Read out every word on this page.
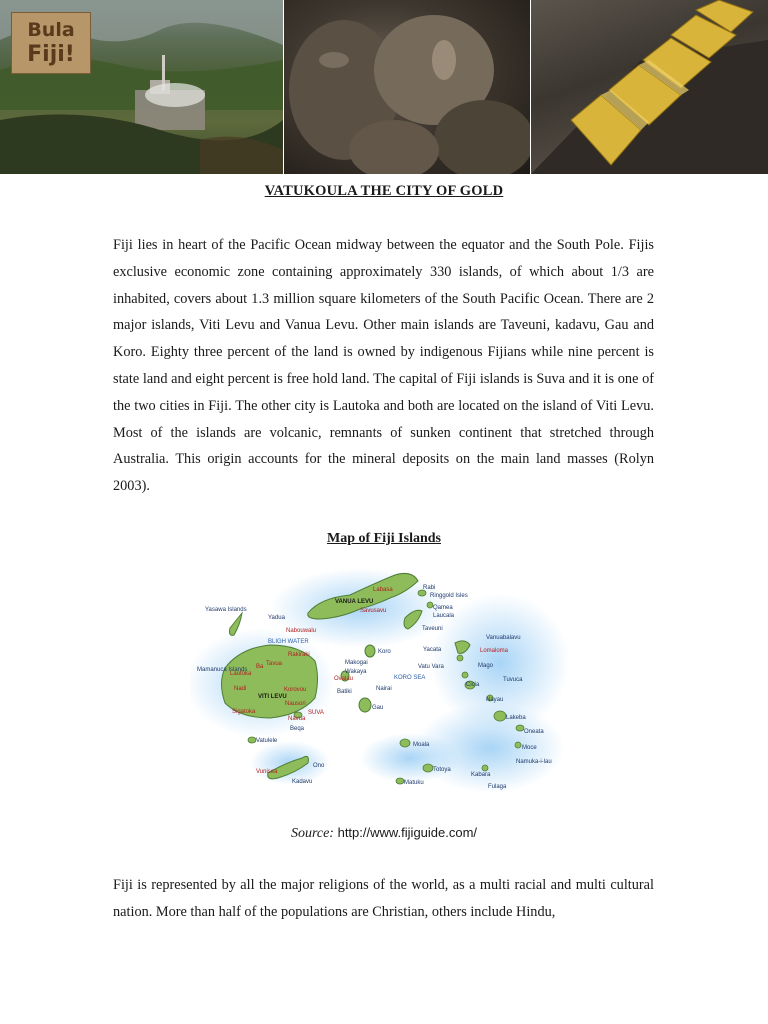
Bula
Fiji!
VATUKOULA THE CITY OF GOLD

Fiji lies in heart of the Pacific Ocean midway between the equator and the South Pole. Fijis exclusive economic zone containing approximately 330 islands, of which about 1/3 are inhabited, covers about 1.3 million square kilometers of the South Pacific Ocean. There are 2 major islands, Viti Levu and Vanua Levu. Other main islands are Taveuni, kadavu, Gau and Koro. Eighty three percent of the land is owned by indigenous Fijians while nine percent is state land and eight percent is free hold land. The capital of Fiji islands is Suva and it is one of the two cities in Fiji. The other city is Lautoka and both are located on the island of Viti Levu. Most of the islands are volcanic, remnants of sunken continent that stretched through Australia. This origin accounts for the mineral deposits on the main land masses (Rolyn 2003).

Map of Fiji Islands
VANUA LEVU
VITI LEVU
Labasa
Savusavu
Rabi
Ringgold Isles
Qamea
Laucala
Taveuni
Yasawa Islands
Yadua
Nabouwalu
BLIGH WATER
Rakiraki
Tavua
Ba
Lautoka
Mamanuca Islands
Nadi	Korovou
Sigatoka
Nausori
SUVA
Navua
Beqa
Vatulele
Koro
Makogai
Wakaya
Ovalau
Batiki	Nairai
Gau
KORO SEA
Yacata
Vatu Vara
Vanuabalavu
Lomaloma
Mago
Tuvuca
Cicia
Nayau
Lakeba
Oneata
Moce
Namuka-i-lau
Kabara
Fulaga
Moala
Totoya
Matuku
Ono
Vunisea
Kadavu
Source: http://www.fijiguide.com/

Fiji is represented by all the major religions of the world, as a multi racial and multi cultural nation. More than half of the populations are Christian, others include Hindu,
